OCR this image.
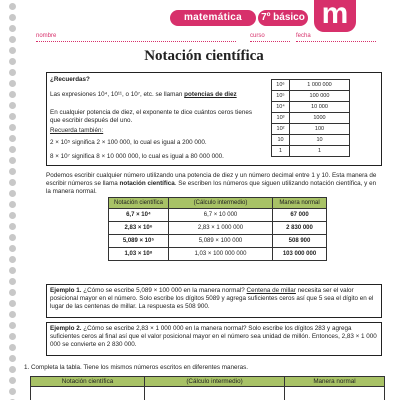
matemática	7º básico m
nombre	curso	fecha
Notación científica
¿Recuerdas?
Las expresiones 10⁴, 10¹¹, o 10⁷, etc. se llaman potencias de diez
En cualquier potencia de diez, el exponente te dice cuántos ceros tienes que escribir después del uno.
Recuerda también:
2 × 10⁵ significa 2 × 100 000, lo cual es igual a 200 000.
8 × 10⁷ significa 8 × 10 000 000, lo cual es igual a 80 000 000.
10⁶	1 000 000
10⁵	100 000
10⁴	10 000
10³	1000
10²	100
10	10
1	1
Podemos escribir cualquier número utilizando una potencia de diez y un número decimal entre 1 y 10. Esta manera de escribir números se llama notación científica. Se escriben los números que siguen utilizando notación científica, y en la manera normal.
Notación científica	(Cálculo intermedio)	Manera normal
6,7 × 10⁴	6,7 × 10 000	67 000
2,83 × 10⁶	2,83 × 1 000 000	2 830 000
5,089 × 10⁵	5,089 × 100 000	508 900
1,03 × 10⁸	1,03 × 100 000 000	103 000 000
Ejemplo 1. ¿Cómo se escribe 5,089 × 100 000 en la manera normal? Centena de millar necesita ser el valor posicional mayor en el número. Solo escribe los dígitos 5089 y agrega suficientes ceros así que 5 sea el dígito en el lugar de las centenas de millar. La respuesta es 508 900.
Ejemplo 2. ¿Cómo se escribe 2,83 × 1 000 000 en la manera normal? Solo escribe los dígitos 283 y agrega suficientes ceros al final así que el valor posicional mayor en el número sea unidad de millón. Entonces, 2,83 × 1 000 000 se convierte en 2 830 000.
1. Completa la tabla. Tiene los mismos números escritos en diferentes maneras.
Notación científica	(Cálculo intermedio)	Manera normal
